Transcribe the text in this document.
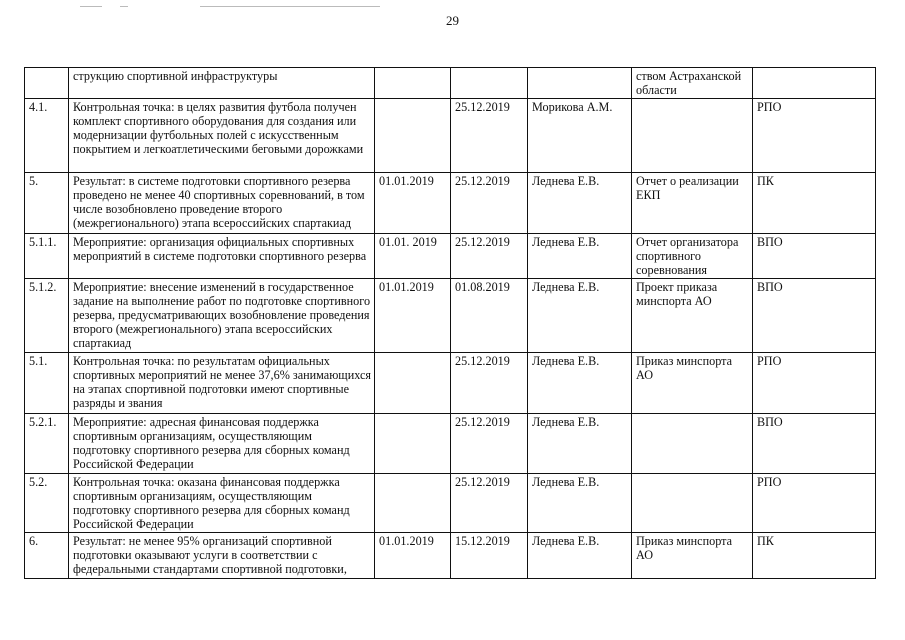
29
	струкцию спортивной инфраструктуры				ством Астраханской области	
4.1.	Контрольная точка: в целях развития футбола получен комплект спортивного оборудования для создания или модернизации футбольных полей с искусственным покрытием и легкоатлетическими беговыми дорожками		25.12.2019	Морикова А.М.		РПО
5.	Результат: в системе подготовки спортивного резерва проведено не менее 40 спортивных соревнований, в том числе возобновлено проведение второго (межрегионального) этапа всероссийских спартакиад	01.01.2019	25.12.2019	Леднева Е.В.	Отчет о реализации ЕКП	ПК
5.1.1.	Мероприятие: организация официальных спортивных мероприятий в системе подготовки спортивного резерва	01.01. 2019	25.12.2019	Леднева Е.В.	Отчет организатора спортивного соревнования	ВПО
5.1.2.	Мероприятие: внесение изменений в государственное задание на выполнение работ по подготовке спортивного резерва, предусматривающих возобновление проведения второго (межрегионального) этапа всероссийских спартакиад	01.01.2019	01.08.2019	Леднева Е.В.	Проект приказа минспорта АО	ВПО
5.1.	Контрольная точка: по результатам официальных спортивных мероприятий не менее 37,6% занимающихся на этапах спортивной подготовки имеют спортивные разряды и звания		25.12.2019	Леднева Е.В.	Приказ минспорта АО	РПО
5.2.1.	Мероприятие: адресная финансовая поддержка спортивным организациям, осуществляющим подготовку спортивного резерва для сборных команд Российской Федерации		25.12.2019	Леднева Е.В.		ВПО
5.2.	Контрольная точка: оказана финансовая поддержка спортивным организациям, осуществляющим подготовку спортивного резерва для сборных команд Российской Федерации		25.12.2019	Леднева Е.В.		РПО
6.	Результат: не менее 95% организаций спортивной подготовки оказывают услуги в соответствии с федеральными стандартами спортивной подготовки,	01.01.2019	15.12.2019	Леднева Е.В.	Приказ минспорта АО	ПК
